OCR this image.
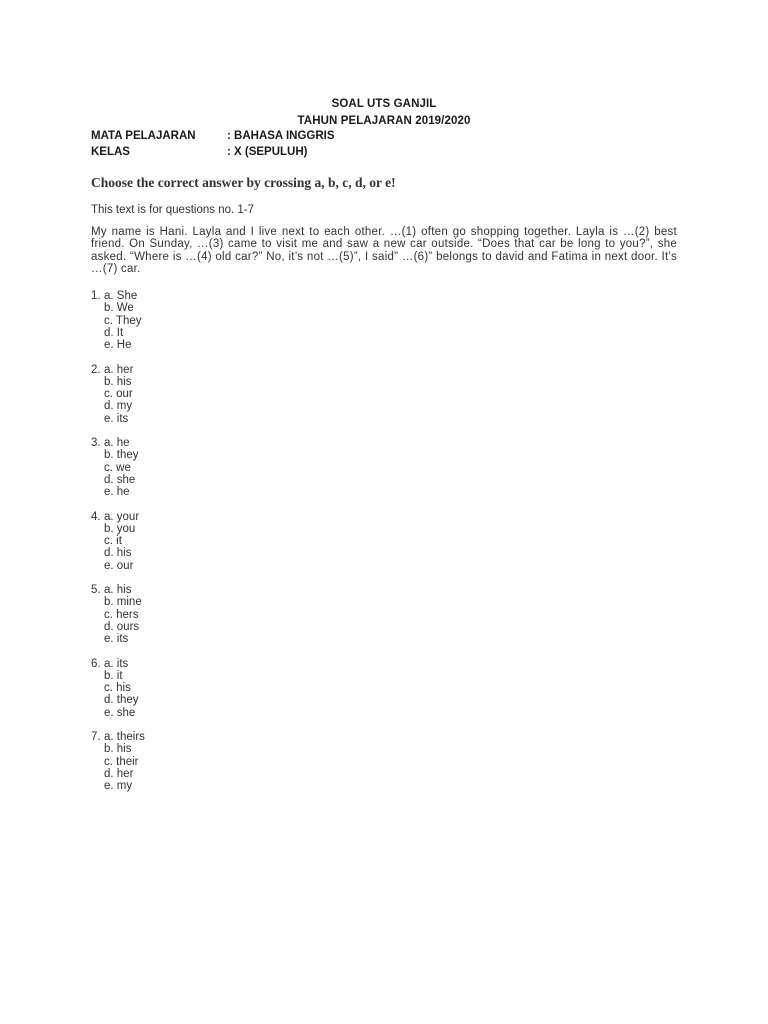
SOAL UTS GANJIL
TAHUN PELAJARAN 2019/2020
MATA PELAJARAN	: BAHASA INGGRIS
KELAS	: X (SEPULUH)
Choose the correct answer by crossing a, b, c, d, or e!
This text is for questions no. 1-7
My name is Hani. Layla and I live next to each other. …(1) often go shopping together. Layla is …(2) best friend. On Sunday, …(3) came to visit me and saw a new car outside. “Does that car be long to you?”, she asked. “Where is …(4) old car?” No, it’s not …(5)”, I said” …(6)” belongs to david and Fatima in next door. It’s …(7) car.
1. a. She
b. We
c. They
d. It
e. He
2. a. her
b. his
c. our
d. my
e. its
3. a. he
b. they
c. we
d. she
e. he
4. a. your
b. you
c. it
d. his
e. our
5. a. his
b. mine
c. hers
d. ours
e. its
6. a. its
b. it
c. his
d. they
e. she
7. a. theirs
b. his
c. their
d. her
e. my
